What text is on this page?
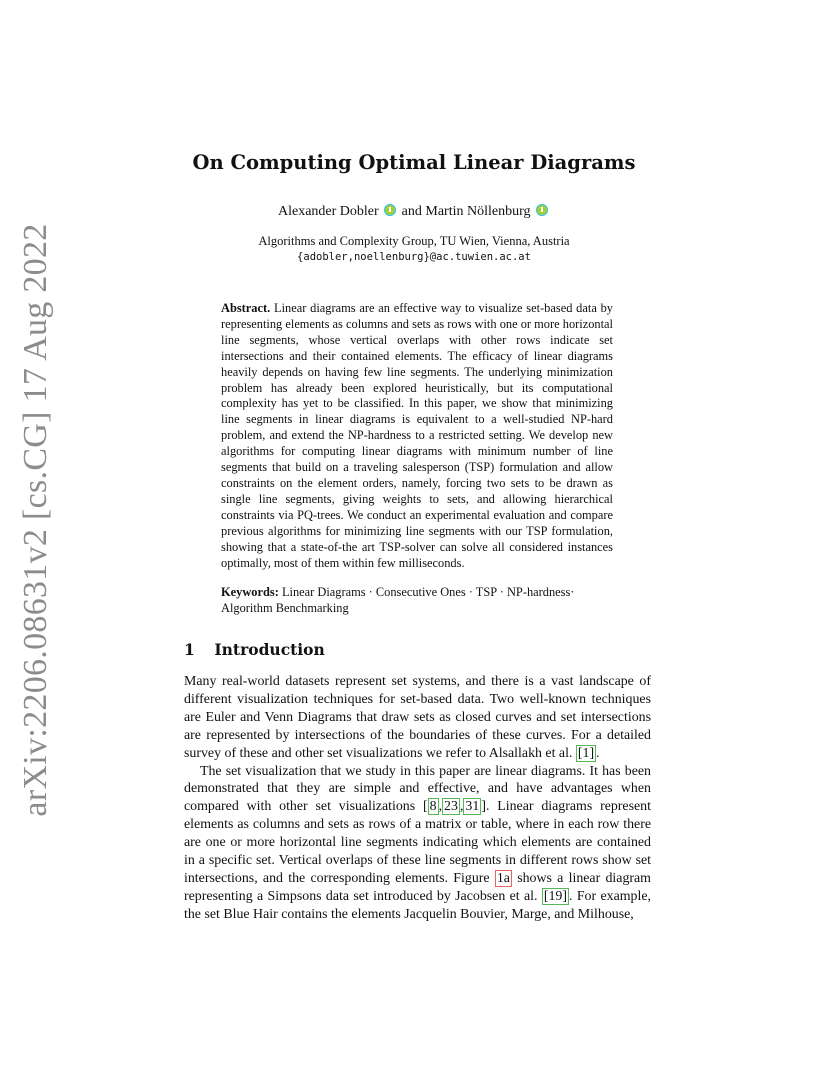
arXiv:2206.08631v2 [cs.CG] 17 Aug 2022
On Computing Optimal Linear Diagrams
Alexander Dobler and Martin Nöllenburg
Algorithms and Complexity Group, TU Wien, Vienna, Austria
{adobler,noellenburg}@ac.tuwien.ac.at
Abstract. Linear diagrams are an effective way to visualize set-based data by representing elements as columns and sets as rows with one or more horizontal line segments, whose vertical overlaps with other rows indicate set intersections and their contained elements. The efficacy of linear diagrams heavily depends on having few line segments. The underlying minimization problem has already been explored heuristically, but its computational complexity has yet to be classified. In this paper, we show that minimizing line segments in linear diagrams is equivalent to a well-studied NP-hard problem, and extend the NP-hardness to a restricted setting. We develop new algorithms for computing linear diagrams with minimum number of line segments that build on a traveling salesperson (TSP) formulation and allow constraints on the element orders, namely, forcing two sets to be drawn as single line segments, giving weights to sets, and allowing hierarchical constraints via PQ-trees. We conduct an experimental evaluation and compare previous algorithms for minimizing line segments with our TSP formulation, showing that a state-of-the art TSP-solver can solve all considered instances optimally, most of them within few milliseconds.
Keywords: Linear Diagrams · Consecutive Ones · TSP · NP-hardness· Algorithm Benchmarking
1 Introduction

Many real-world datasets represent set systems, and there is a vast landscape of different visualization techniques for set-based data. Two well-known techniques are Euler and Venn Diagrams that draw sets as closed curves and set intersections are represented by intersections of the boundaries of these curves. For a detailed survey of these and other set visualizations we refer to Alsallakh et al. [1] .

The set visualization that we study in this paper are linear diagrams. It has been demonstrated that they are simple and effective, and have advantages when compared with other set visualizations [ 8 , 23 , 31 ]. Linear diagrams represent elements as columns and sets as rows of a matrix or table, where in each row there are one or more horizontal line segments indicating which elements are contained in a specific set. Vertical overlaps of these line segments in different rows show set intersections, and the corresponding elements. Figure 1a shows a linear diagram representing a Simpsons data set introduced by Jacobsen et al. [19] . For example, the set Blue Hair contains the elements Jacquelin Bouvier, Marge, and Milhouse,
